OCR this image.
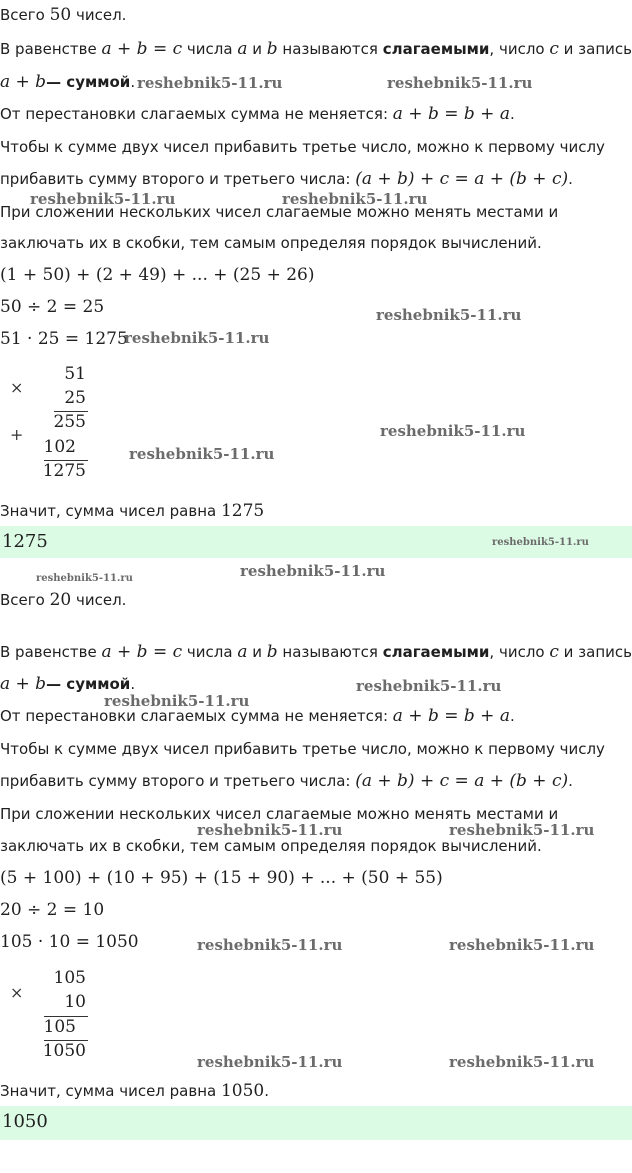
Всего 50 чисел.
В равенстве a + b = c числа a и b называются слагаемыми, число c и запись
a + b— суммой.
От перестановки слагаемых сумма не меняется: a + b = b + a.
Чтобы к сумме двух чисел прибавить третье число, можно к первому числу
прибавить сумму второго и третьего числа: (a + b) + c = a + (b + c).
При сложении нескольких чисел слагаемые можно менять местами и
заключать их в скобки, тем самым определяя порядок вычислений.
(1 + 50) + (2 + 49) + ... + (25 + 26)
50 ÷ 2 = 25
51 · 25 = 1275
×
51
25
255
+
102
1275
Значит, сумма чисел равна 1275
1275
Всего 20 чисел.
В равенстве a + b = c числа a и b называются слагаемыми, число c и запись
a + b— суммой.
От перестановки слагаемых сумма не меняется: a + b = b + a.
Чтобы к сумме двух чисел прибавить третье число, можно к первому числу
прибавить сумму второго и третьего числа: (a + b) + c = a + (b + c).
При сложении нескольких чисел слагаемые можно менять местами и
заключать их в скобки, тем самым определяя порядок вычислений.
(5 + 100) + (10 + 95) + (15 + 90) + ... + (50 + 55)
20 ÷ 2 = 10
105 · 10 = 1050
×
105
10
105
1050
Значит, сумма чисел равна 1050.
1050
reshebnik5-11.ru	reshebnik5-11.ru
reshebnik5-11.ru	reshebnik5-11.ru
reshebnik5-11.ru
reshebnik5-11.ru
reshebnik5-11.ru
reshebnik5-11.ru
reshebnik5-11.ru
reshebnik5-11.ru
reshebnik5-11.ru
reshebnik5-11.ru
reshebnik5-11.ru
reshebnik5-11.ru	reshebnik5-11.ru
reshebnik5-11.ru	reshebnik5-11.ru
reshebnik5-11.ru	reshebnik5-11.ru
